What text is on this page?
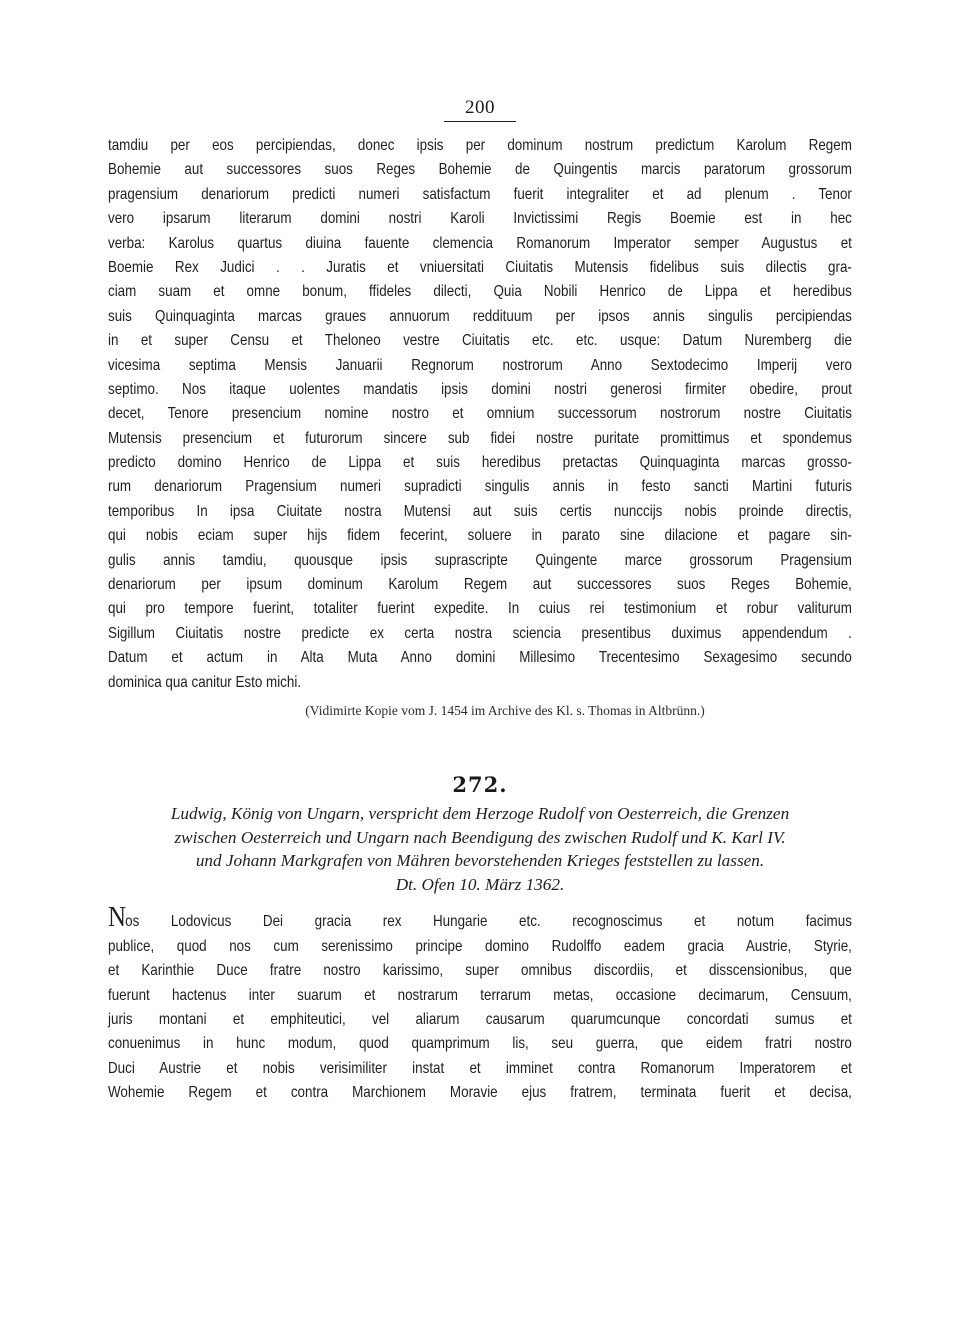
200
tamdiu per eos percipiendas, donec ipsis per dominum nostrum predictum Karolum Regem
Bohemie aut successores suos Reges Bohemie de Quingentis marcis paratorum grossorum
pragensium denariorum predicti numeri satisfactum fuerit integraliter et ad plenum . Tenor
vero ipsarum literarum domini nostri Karoli Invictissimi Regis Boemie est in hec
verba: Karolus quartus diuina fauente clemencia Romanorum Imperator semper Augustus et
Boemie Rex Judici . . Juratis et vniuersitati Ciuitatis Mutensis fidelibus suis dilectis gra-
ciam suam et omne bonum, ffideles dilecti, Quia Nobili Henrico de Lippa et heredibus
suis Quinquaginta marcas graues annuorum reddituum per ipsos annis singulis percipiendas
in et super Censu et Theloneo vestre Ciuitatis etc. etc. usque: Datum Nuremberg die
vicesima septima Mensis Januarii Regnorum nostrorum Anno Sextodecimo Imperij vero
septimo. Nos itaque uolentes mandatis ipsis domini nostri generosi firmiter obedire, prout
decet, Tenore presencium nomine nostro et omnium successorum nostrorum nostre Ciuitatis
Mutensis presencium et futurorum sincere sub fidei nostre puritate promittimus et spondemus
predicto domino Henrico de Lippa et suis heredibus pretactas Quinquaginta marcas grosso-
rum denariorum Pragensium numeri supradicti singulis annis in festo sancti Martini futuris
temporibus In ipsa Ciuitate nostra Mutensi aut suis certis nunccijs nobis proinde directis,
qui nobis eciam super hijs fidem fecerint, soluere in parato sine dilacione et pagare sin-
gulis annis tamdiu, quousque ipsis suprascripte Quingente marce grossorum Pragensium
denariorum per ipsum dominum Karolum Regem aut successores suos Reges Bohemie,
qui pro tempore fuerint, totaliter fuerint expedite. In cuius rei testimonium et robur valiturum
Sigillum Ciuitatis nostre predicte ex certa nostra sciencia presentibus duximus appendendum .
Datum et actum in Alta Muta Anno domini Millesimo Trecentesimo Sexagesimo secundo
dominica qua canitur Esto michi.
(Vidimirte Kopie vom J. 1454 im Archive des Kl. s. Thomas in Altbrünn.)
272.
Ludwig, König von Ungarn, verspricht dem Herzoge Rudolf von Oesterreich, die Grenzen
zwischen Oesterreich und Ungarn nach Beendigung des zwischen Rudolf und K. Karl IV.
und Johann Markgrafen von Mähren bevorstehenden Krieges feststellen zu lassen.
Dt. Ofen 10. März 1362.
Nos Lodovicus Dei gracia rex Hungarie etc. recognoscimus et notum facimus
publice, quod nos cum serenissimo principe domino Rudolffo eadem gracia Austrie, Styrie,
et Karinthie Duce fratre nostro karissimo, super omnibus discordiis, et disscensionibus, que
fuerunt hactenus inter suarum et nostrarum terrarum metas, occasione decimarum, Censuum,
juris montani et emphiteutici, vel aliarum causarum quarumcunque concordati sumus et
conuenimus in hunc modum, quod quamprimum lis, seu guerra, que eidem fratri nostro
Duci Austrie et nobis verisimiliter instat et imminet contra Romanorum Imperatorem et
Wohemie Regem et contra Marchionem Moravie ejus fratrem, terminata fuerit et decisa,
